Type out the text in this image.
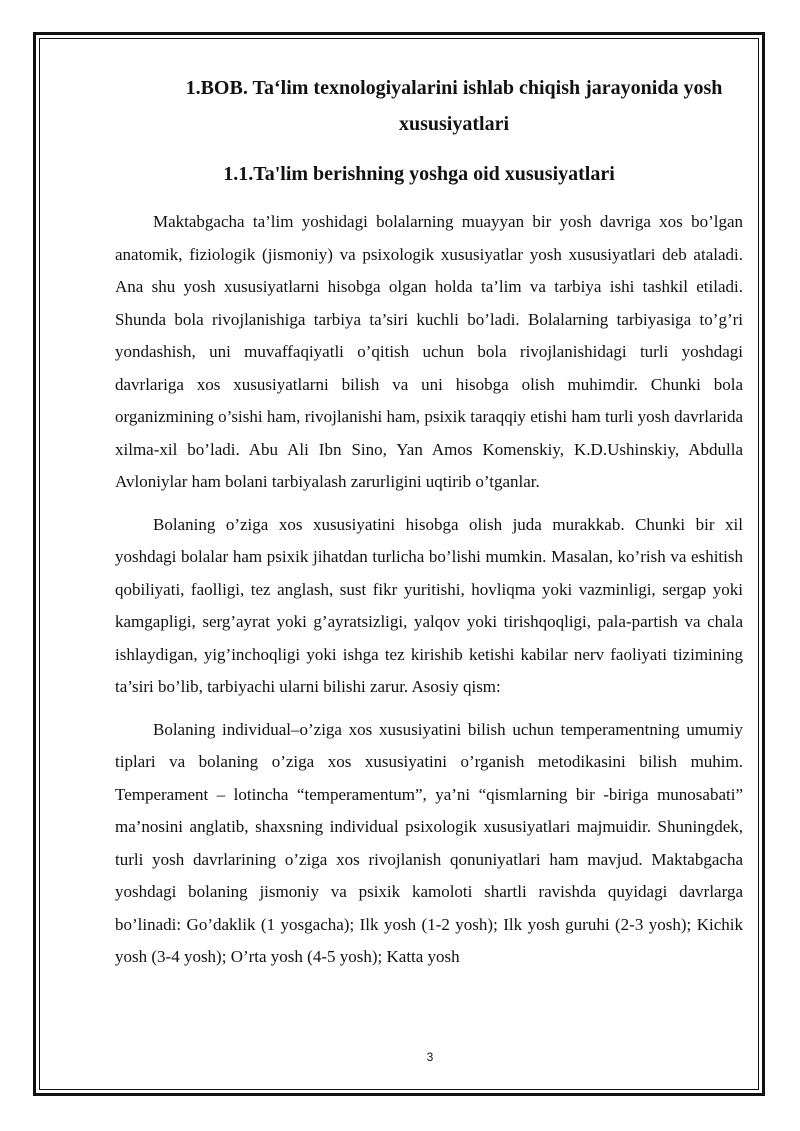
1.BOB. Ta‘lim texnologiyalarini ishlab chiqish jarayonida yosh xususiyatlari
1.1.Ta'lim berishning yoshga oid xususiyatlari

Maktabgacha ta’lim yoshidagi bolalarning muayyan bir yosh davriga xos bo’lgan anatomik, fiziologik (jismoniy) va psixologik xususiyatlar yosh xususiyatlari deb ataladi. Ana shu yosh xususiyatlarni hisobga olgan holda ta’lim va tarbiya ishi tashkil etiladi. Shunda bola rivojlanishiga tarbiya ta’siri kuchli bo’ladi. Bolalarning tarbiyasiga to’g’ri yondashish, uni muvaffaqiyatli o’qitish uchun bola rivojlanishidagi turli yoshdagi davrlariga xos xususiyatlarni bilish va uni hisobga olish muhimdir. Chunki bola organizmining o’sishi ham, rivojlanishi ham, psixik taraqqiy etishi ham turli yosh davrlarida xilma-xil bo’ladi. Abu Ali Ibn Sino, Yan Amos Komenskiy, K.D.Ushinskiy, Abdulla Avloniylar ham bolani tarbiyalash zarurligini uqtirib o’tganlar.

Bolaning o’ziga xos xususiyatini hisobga olish juda murakkab. Chunki bir xil yoshdagi bolalar ham psixik jihatdan turlicha bo’lishi mumkin. Masalan, ko’rish va eshitish qobiliyati, faolligi, tez anglash, sust fikr yuritishi, hovliqma yoki vazminligi, sergap yoki kamgapligi, serg’ayrat yoki g’ayratsizligi, yalqov yoki tirishqoqligi, pala-partish va chala ishlaydigan, yig’inchoqligi yoki ishga tez kirishib ketishi kabilar nerv faoliyati tizimining ta’siri bo’lib, tarbiyachi ularni bilishi zarur. Asosiy qism:

Bolaning individual–o’ziga xos xususiyatini bilish uchun temperamentning umumiy tiplari va bolaning o’ziga xos xususiyatini o’rganish metodikasini bilish muhim. Temperament – lotincha “temperamentum”, ya’ni “qismlarning bir -biriga munosabati” ma’nosini anglatib, shaxsning individual psixologik xususiyatlari majmuidir. Shuningdek, turli yosh davrlarining o’ziga xos rivojlanish qonuniyatlari ham mavjud. Maktabgacha yoshdagi bolaning jismoniy va psixik kamoloti shartli ravishda quyidagi davrlarga bo’linadi: Go’daklik (1 yosgacha); Ilk yosh (1-2 yosh); Ilk yosh guruhi (2-3 yosh); Kichik yosh (3-4 yosh); O’rta yosh (4-5 yosh); Katta yosh

3
